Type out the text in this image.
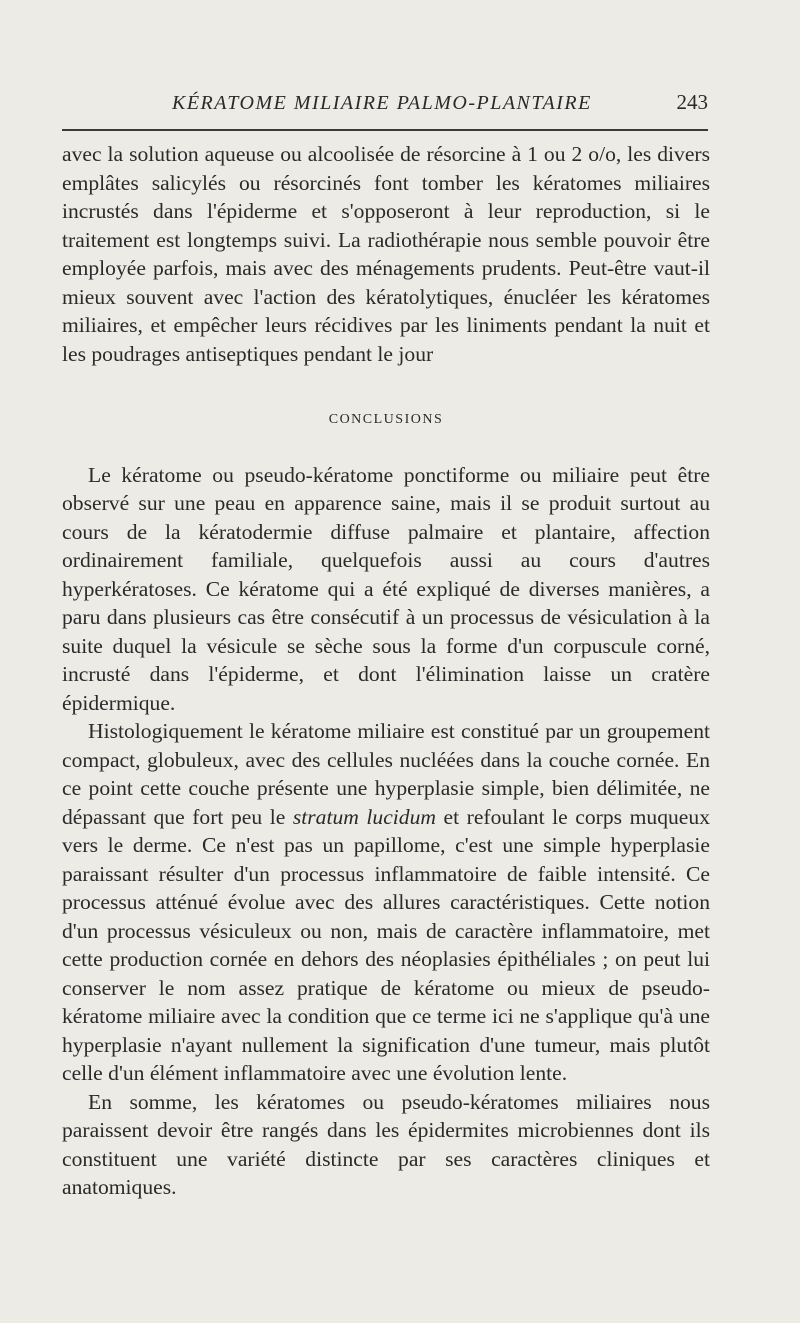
KÉRATOME MILIAIRE PALMO-PLANTAIRE	243

avec la solution aqueuse ou alcoolisée de résorcine à 1 ou 2 o/o, les divers emplâtes salicylés ou résorcinés font tomber les kératomes miliaires incrustés dans l'épiderme et s'opposeront à leur reproduction, si le traitement est longtemps suivi. La radiothérapie nous semble pouvoir être employée parfois, mais avec des ménagements prudents. Peut-être vaut-il mieux souvent avec l'action des kératolytiques, énucléer les kératomes miliaires, et empêcher leurs récidives par les liniments pendant la nuit et les poudrages antiseptiques pendant le jour

CONCLUSIONS

Le kératome ou pseudo-kératome ponctiforme ou miliaire peut être observé sur une peau en apparence saine, mais il se produit surtout au cours de la kératodermie diffuse palmaire et plantaire, affection ordinairement familiale, quelquefois aussi au cours d'autres hyperkératoses. Ce kératome qui a été expliqué de diverses manières, a paru dans plusieurs cas être consécutif à un processus de vésiculation à la suite duquel la vésicule se sèche sous la forme d'un corpuscule corné, incrusté dans l'épiderme, et dont l'élimination laisse un cratère épidermique.

Histologiquement le kératome miliaire est constitué par un groupement compact, globuleux, avec des cellules nucléées dans la couche cornée. En ce point cette couche présente une hyperplasie simple, bien délimitée, ne dépassant que fort peu le stratum lucidum et refoulant le corps muqueux vers le derme. Ce n'est pas un papillome, c'est une simple hyperplasie paraissant résulter d'un processus inflammatoire de faible intensité. Ce processus atténué évolue avec des allures caractéristiques. Cette notion d'un processus vésiculeux ou non, mais de caractère inflammatoire, met cette production cornée en dehors des néoplasies épithéliales ; on peut lui conserver le nom assez pratique de kératome ou mieux de pseudo-kératome miliaire avec la condition que ce terme ici ne s'applique qu'à une hyperplasie n'ayant nullement la signification d'une tumeur, mais plutôt celle d'un élément inflammatoire avec une évolution lente.

En somme, les kératomes ou pseudo-kératomes miliaires nous paraissent devoir être rangés dans les épidermites microbiennes dont ils constituent une variété distincte par ses caractères cliniques et anatomiques.
